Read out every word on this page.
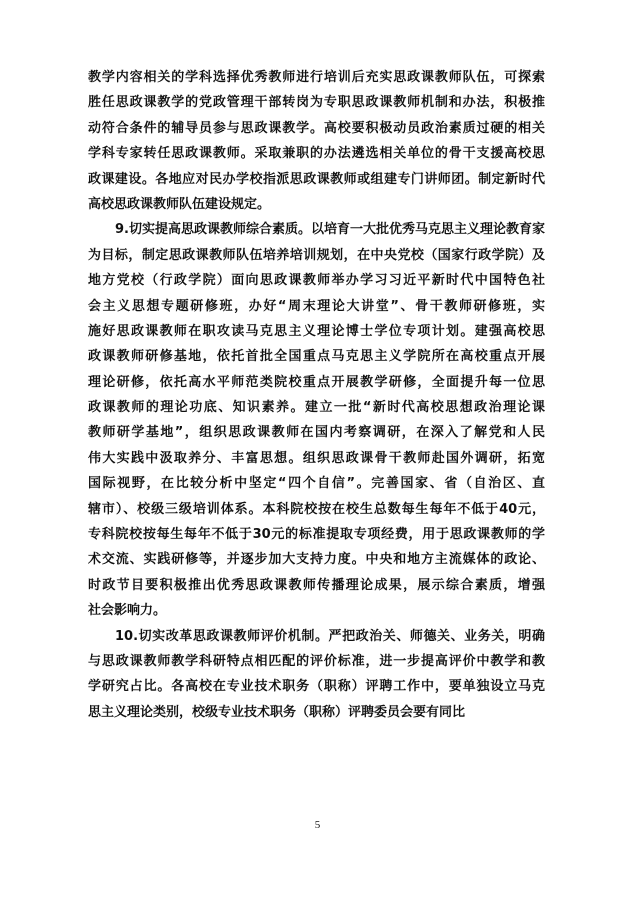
教学内容相关的学科选择优秀教师进行培训后充实思政课教师队伍，可探索
胜任思政课教学的党政管理干部转岗为专职思政课教师机制和办法，积极推
动符合条件的辅导员参与思政课教学。高校要积极动员政治素质过硬的相关
学科专家转任思政课教师。采取兼职的办法遴选相关单位的骨干支援高校思
政课建设。各地应对民办学校指派思政课教师或组建专门讲师团。制定新时代
高校思政课教师队伍建设规定。
9.切实提高思政课教师综合素质。以培育一大批优秀马克思主义理论教育家
为目标，制定思政课教师队伍培养培训规划，在中央党校（国家行政学院）及
地方党校（行政学院）面向思政课教师举办学习习近平新时代中国特色社
会主义思想专题研修班，办好“周末理论大讲堂”、骨干教师研修班，实
施好思政课教师在职攻读马克思主义理论博士学位专项计划。建强高校思
政课教师研修基地，依托首批全国重点马克思主义学院所在高校重点开展
理论研修，依托高水平师范类院校重点开展教学研修，全面提升每一位思
政课教师的理论功底、知识素养。建立一批“新时代高校思想政治理论课
教师研学基地”，组织思政课教师在国内考察调研，在深入了解党和人民
伟大实践中汲取养分、丰富思想。组织思政课骨干教师赴国外调研，拓宽
国际视野，在比较分析中坚定“四个自信”。完善国家、省（自治区、直
辖市）、校级三级培训体系。本科院校按在校生总数每生每年不低于40元，
专科院校按每生每年不低于30元的标准提取专项经费，用于思政课教师的学
术交流、实践研修等，并逐步加大支持力度。中央和地方主流媒体的政论、
时政节目要积极推出优秀思政课教师传播理论成果，展示综合素质，增强
社会影响力。
10.切实改革思政课教师评价机制。严把政治关、师德关、业务关，明确
与思政课教师教学科研特点相匹配的评价标准，进一步提高评价中教学和教
学研究占比。各高校在专业技术职务（职称）评聘工作中，要单独设立马克
思主义理论类别，校级专业技术职务（职称）评聘委员会要有同比
5
